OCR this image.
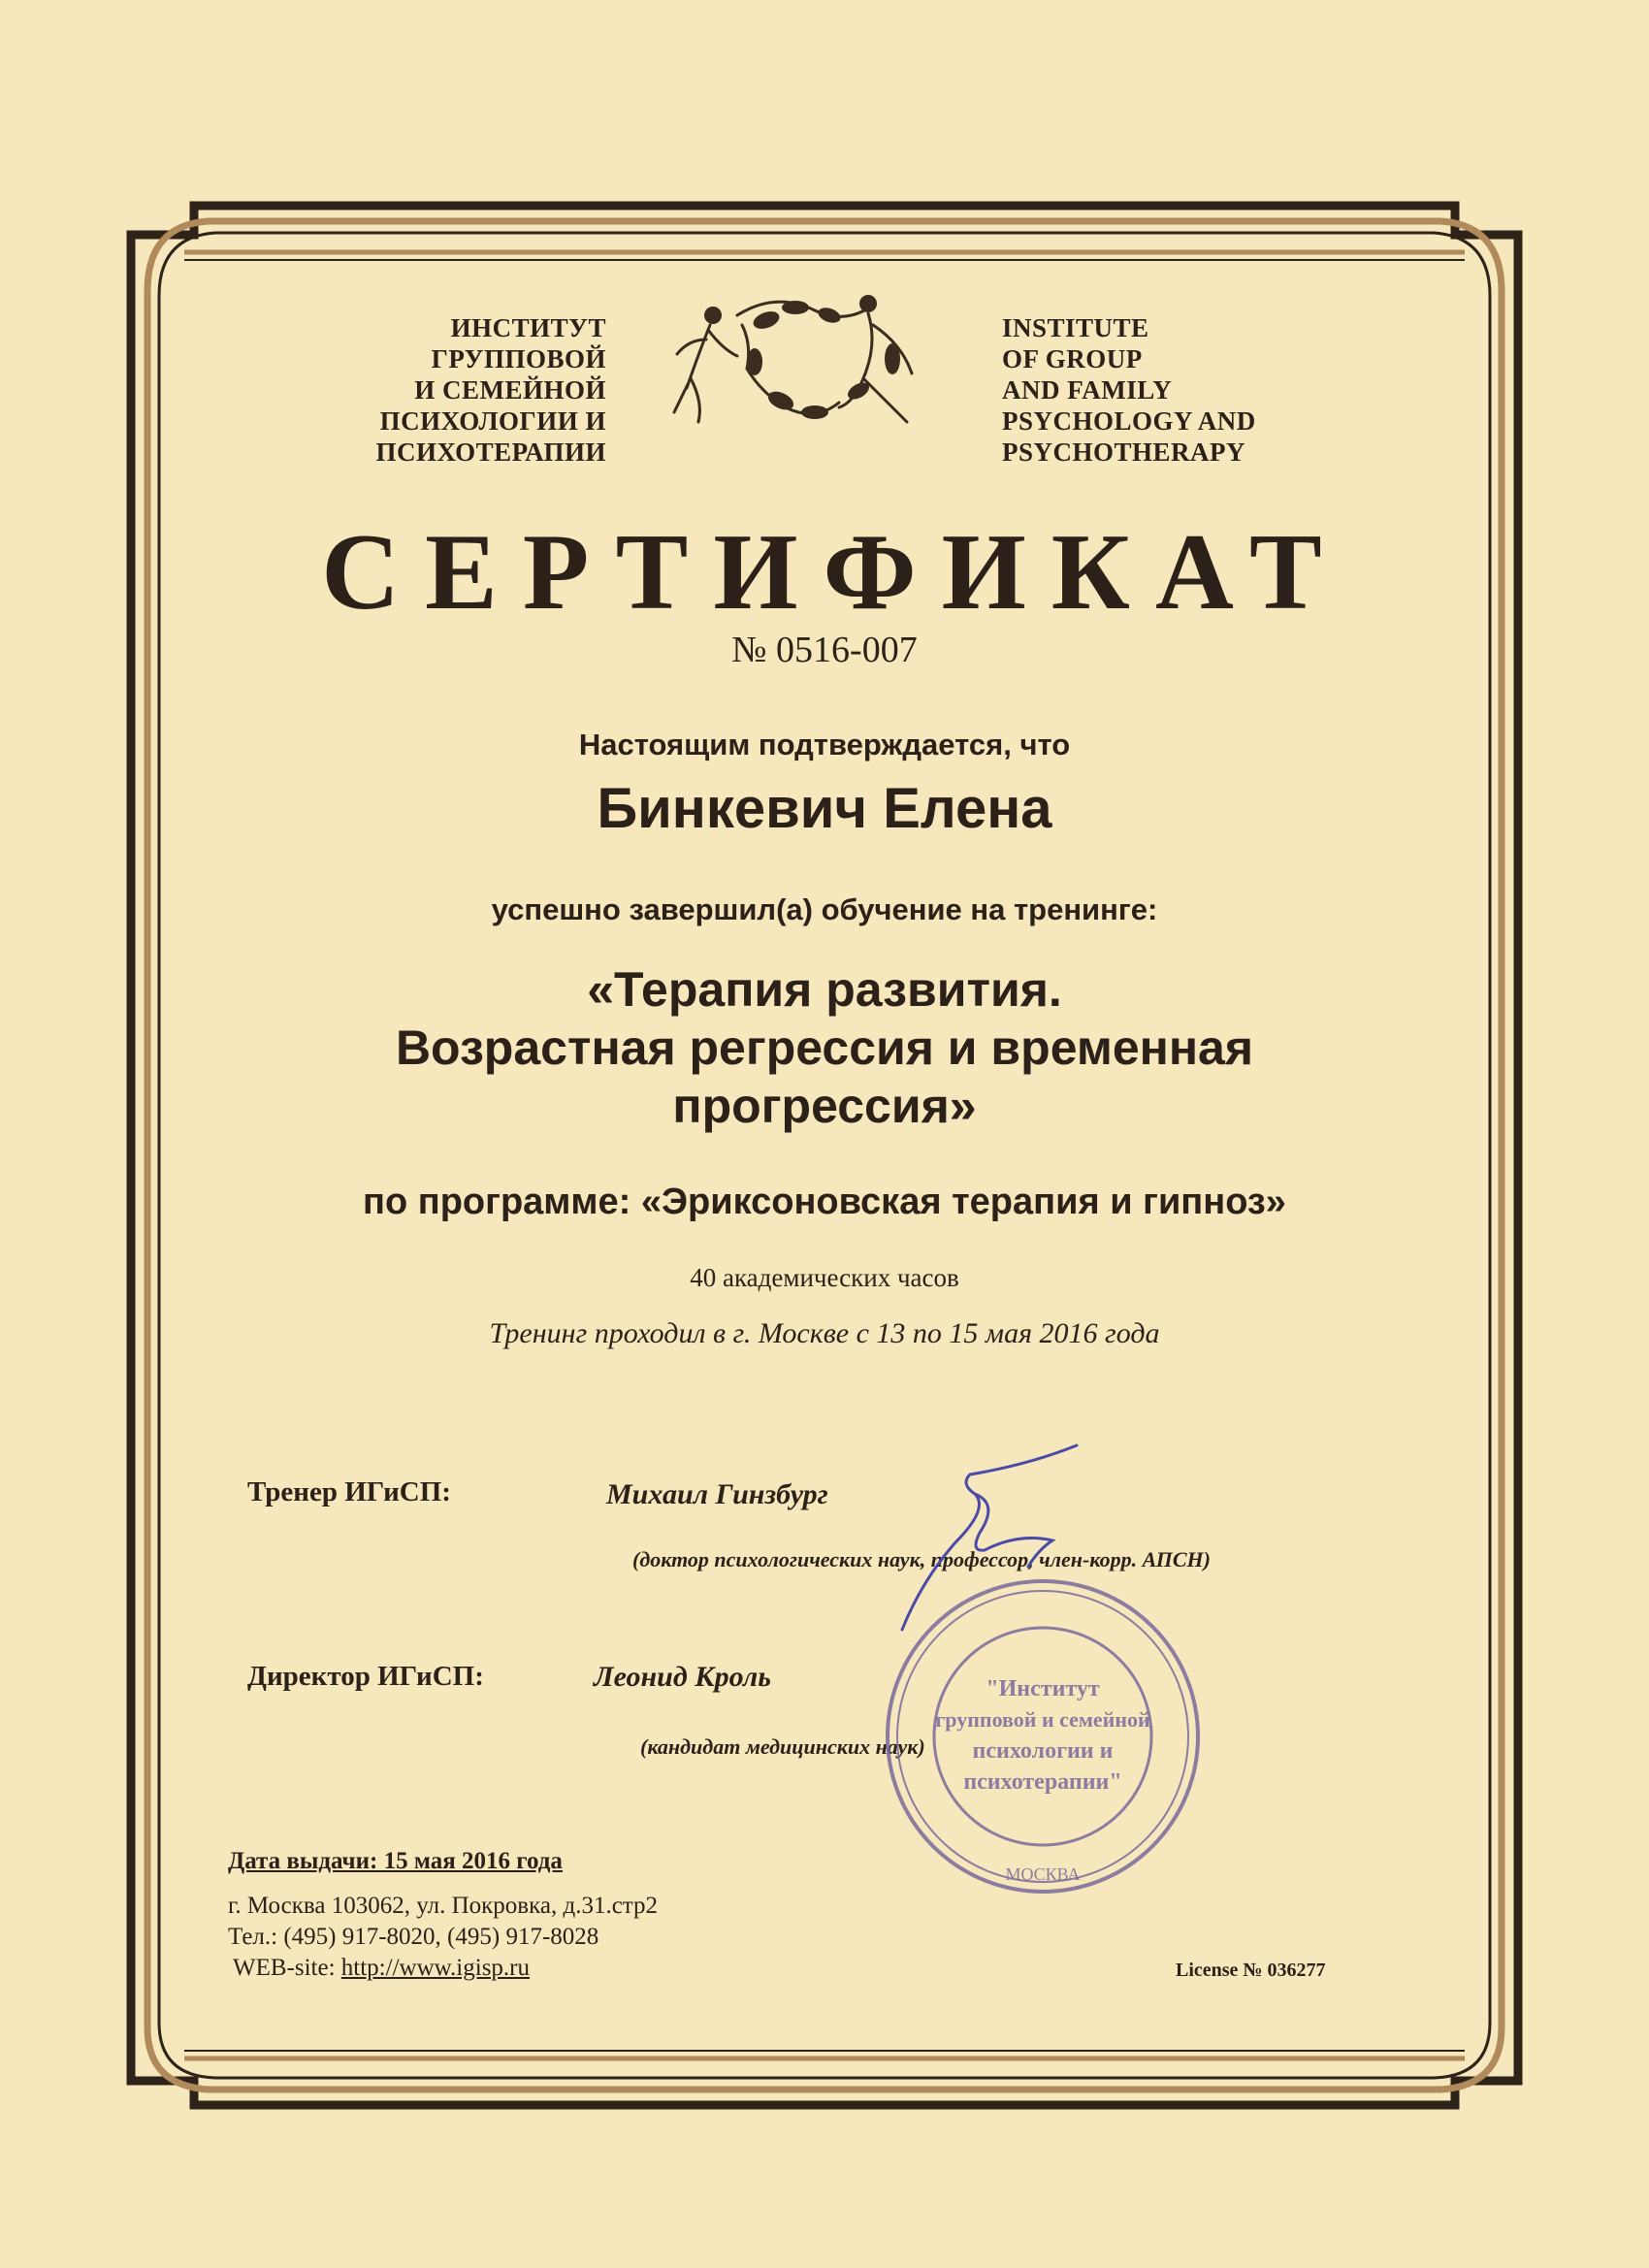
ИНСТИТУТ
ГРУППОВОЙ
И СЕМЕЙНОЙ
ПСИХОЛОГИИ И
ПСИХОТЕРАПИИ
INSTITUTE
OF GROUP
AND FAMILY
PSYCHOLOGY AND
PSYCHOTHERAPY
СЕРТИФИКАТ
№ 0516-007
Настоящим подтверждается, что
Бинкевич Елена
успешно завершил(а) обучение на тренинге:
«Терапия развития.
Возрастная регрессия и временная
прогрессия»
по программе: «Эриксоновская терапия и гипноз»
40 академических часов
Тренинг проходил в г. Москве с 13 по 15 мая 2016 года
Тренер ИГиСП:	Михаил Гинзбург
(доктор психологических наук, профессор, член-корр. АПСН)
Директор ИГиСП:	Леонид Кроль
(кандидат медицинских наук)
"Институт
групповой и семейной
психологии и
психотерапии"
МОСКВА
Дата выдачи: 15 мая 2016 года
г. Москва 103062, ул. Покровка, д.31.стр2
Тел.: (495) 917-8020, (495) 917-8028
WEB-site: http://www.igisp.ru	License № 036277
